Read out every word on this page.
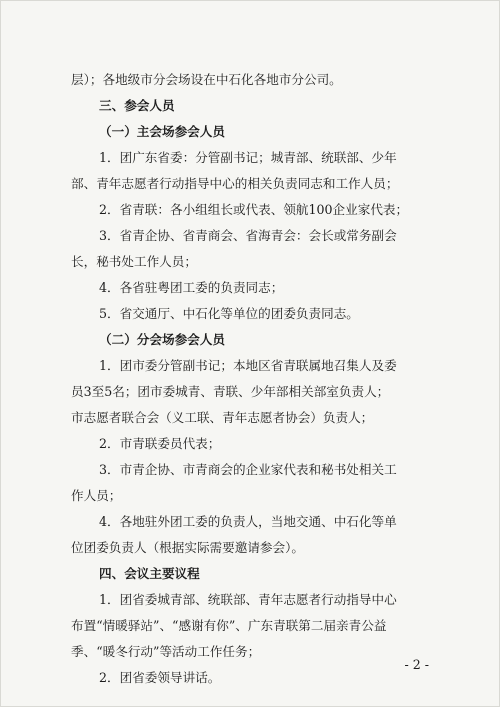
层）；各地级市分会场设在中石化各地市分公司。

三、参会人员

（一）主会场参会人员

1．团广东省委：分管副书记；城青部、统联部、少年

部、青年志愿者行动指导中心的相关负责同志和工作人员；

2．省青联：各小组组长或代表、领航100企业家代表；

3．省青企协、省青商会、省海青会：会长或常务副会

长，秘书处工作人员；

4．各省驻粤团工委的负责同志；

5．省交通厅、中石化等单位的团委负责同志。

（二）分会场参会人员

1．团市委分管副书记；本地区省青联属地召集人及委

员3至5名；团市委城青、青联、少年部相关部室负责人；

市志愿者联合会（义工联、青年志愿者协会）负责人；

2．市青联委员代表；

3．市青企协、市青商会的企业家代表和秘书处相关工

作人员；

4．各地驻外团工委的负责人，当地交通、中石化等单

位团委负责人（根据实际需要邀请参会）。

四、会议主要议程

1．团省委城青部、统联部、青年志愿者行动指导中心

布置“情暖驿站”、“感谢有你”、广东青联第二届亲青公益

季、“暖冬行动”等活动工作任务；

2．团省委领导讲话。

- 2 -
